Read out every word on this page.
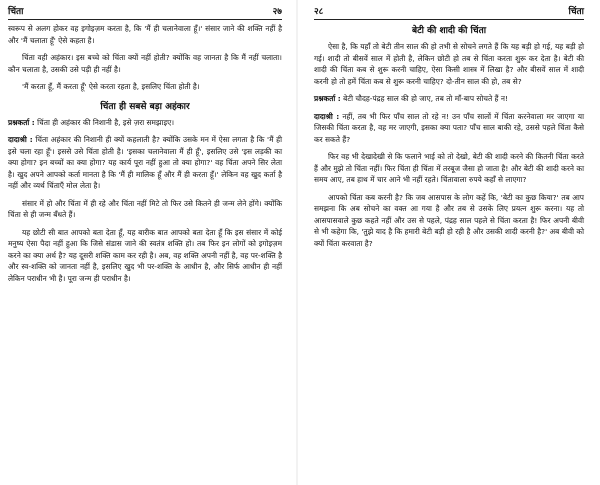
चिंता	२७

स्वरूप से अलग होकर वह इगोइज़म करता है, कि 'मैं ही चलानेवाला हूँ।' संसार जाने की शक्ति नहीं है और 'मैं चलाता हूँ' ऐसे कहता है।

चिंता वही अहंकार। इस बच्चे को चिंता क्यों नहीं होती? क्योंकि वह जानता है कि मैं नहीं चलाता। कौन चलाता है, उसकी उसे पड़ी ही नहीं है।

'मैं करता हूँ, मैं करता हूँ' ऐसे करता रहता है, इसलिए चिंता होती है।

चिंता ही सबसे बड़ा अहंकार

प्रश्नकर्ता : चिंता ही अहंकार की निशानी है, इसे ज़रा समझाइए।

दादाश्री : चिंता अहंकार की निशानी ही क्यों कहलाती है? क्योंकि उसके मन में ऐसा लगता है कि 'मैं ही इसे चला रहा हूँ'। इससे उसे चिंता होती है। 'इसका चलानेवाला मैं ही हूँ', इसलिए उसे 'इस लड़की का क्या होगा? इन बच्चों का क्या होगा? यह कार्य पूरा नहीं हुआ तो क्या होगा?' वह चिंता अपने सिर लेता है। खुद अपने आपको कर्ता मानता है कि 'मैं ही मालिक हूँ और मैं ही करता हूँ।' लेकिन वह खुद कर्ता है नहीं और व्यर्थ चिंताएँ मोल लेता है।

संसार में हो और चिंता में ही रहे और चिंता नहीं मिटे तो फिर उसे कितने ही जन्म लेने होंगे। क्योंकि चिंता से ही जन्म बँधते हैं।

यह छोटी सी बात आपको बता देता हूँ, यह बारीक बात आपको बता देता हूँ कि इस संसार में कोई मनुष्य ऐसा पैदा नहीं हुआ कि जिसे संडास जाने की स्वतंत्र शक्ति हो। तब फिर इन लोगों को इगोइज़म करने का क्या अर्थ है? यह दूसरी शक्ति काम कर रही है। अब, वह शक्ति अपनी नहीं है, वह पर-शक्ति है और स्व-शक्ति को जानता नहीं है, इसलिए खुद भी पर-शक्ति के आधीन है, और सिर्फ आधीन ही नहीं लेकिन पराधीन भी है। पूरा जन्म ही पराधीन है।

२८	चिंता
बेटी की शादी की चिंता

ऐसा है, कि यहाँ तो बेटी तीन साल की हो तभी से सोचने लगते हैं कि यह बड़ी हो गई, यह बड़ी हो गई। शादी तो बीसवें साल में होती है, लेकिन छोटी हो तब से चिंता करता शुरू कर देता है। बेटी की शादी की चिंता कब से शुरू करनी चाहिए, ऐसा किसी शास्त्र में लिखा है? और बीसवें साल में शादी करनी हो तो हमें चिंता कब से शुरू करनी चाहिए? दो-तीन साल की हो, तब से?

प्रश्नकर्ता : बेटी चौदह-पंद्रह साल की हो जाए, तब तो माँ-बाप सोचते हैं न!

दादाश्री : नहीं, तब भी फिर पाँच साल तो रहे न! उन पाँच सालों में चिंता करनेवाला मर जाएगा या जिसकी चिंता करता है, वह मर जाएगी, इसका क्या पता? पाँच साल बाकी रहे, उससे पहले चिंता कैसे कर सकते हैं?

फिर वह भी देखादेखी से कि फलाने भाई को तो देखो, बेटी की शादी करने की कितनी चिंता करते हैं और मुझे तो चिंता नहीं। फिर चिंता ही चिंता में तरबूज जैसा हो जाता है! और बेटी की शादी करने का समय आए, तब हाथ में चार आने भी नहीं रहते। चिंतावाला रुपये कहाँ से लाएगा?

आपको चिंता कब करनी है? कि जब आसपास के लोग कहें कि, 'बेटी का कुछ किया?' तब आप समझना कि अब सोचने का वक्त आ गया है और तब से उसके लिए प्रयत्न शुरू करना। यह तो आसपासवाले कुछ कहते नहीं और उस से पहले, पंद्रह साल पहले से चिंता करता है! फिर अपनी बीवी से भी कहेगा कि, 'तुझे याद है कि हमारी बेटी बड़ी हो रही है और उसकी शादी करनी है?' अब बीवी को क्यों चिंता करवाता है?
